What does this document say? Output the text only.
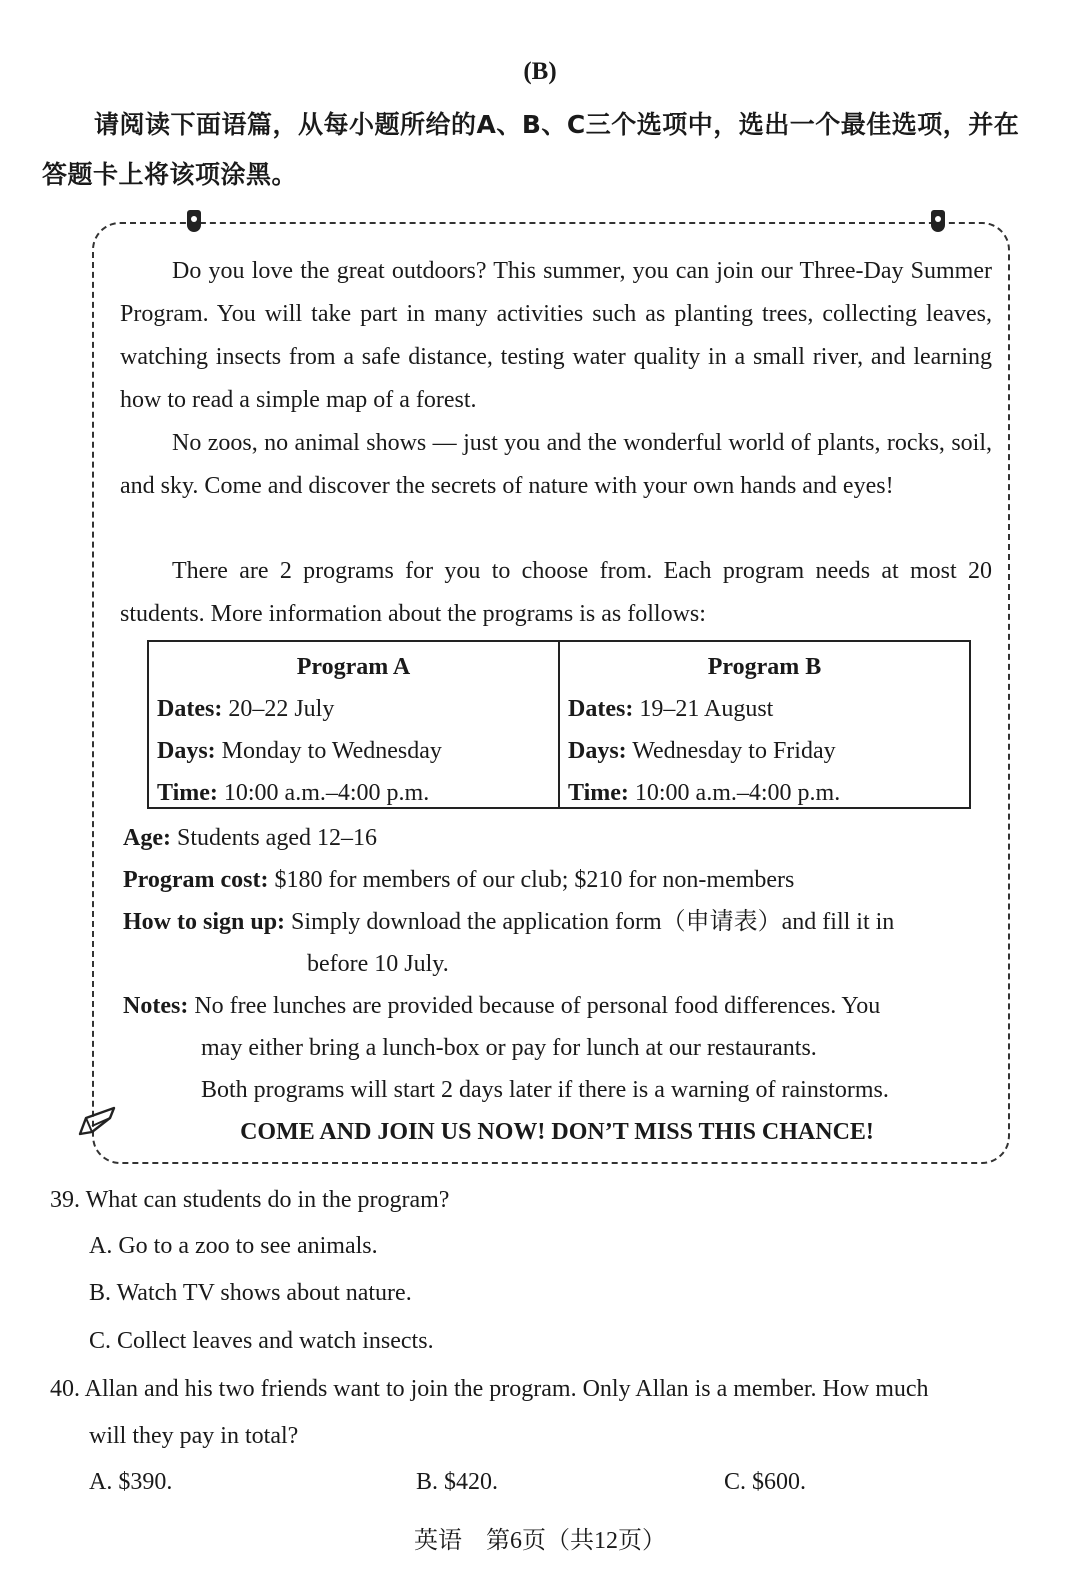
(B)
请阅读下面语篇，从每小题所给的A、B、C三个选项中，选出一个最佳选项，并在答题卡上将该项涂黑。
Do you love the great outdoors? This summer, you can join our Three-Day Summer Program. You will take part in many activities such as planting trees, collecting leaves, watching insects from a safe distance, testing water quality in a small river, and learning how to read a simple map of a forest.
No zoos, no animal shows — just you and the wonderful world of plants, rocks, soil, and sky. Come and discover the secrets of nature with your own hands and eyes!
There are 2 programs for you to choose from. Each program needs at most 20 students. More information about the programs is as follows:
Program A
Dates: 20–22 July
Days: Monday to Wednesday
Time: 10:00 a.m.–4:00 p.m.
Program B
Dates: 19–21 August
Days: Wednesday to Friday
Time: 10:00 a.m.–4:00 p.m.
Age: Students aged 12–16
Program cost: $180 for members of our club; $210 for non-members
How to sign up: Simply download the application form（申请表）and fill it in
before 10 July.
Notes: No free lunches are provided because of personal food differences. You
may either bring a lunch-box or pay for lunch at our restaurants.
Both programs will start 2 days later if there is a warning of rainstorms.
COME AND JOIN US NOW! DON’T MISS THIS CHANCE!
39. What can students do in the program?
A. Go to a zoo to see animals.
B. Watch TV shows about nature.
C. Collect leaves and watch insects.
40. Allan and his two friends want to join the program. Only Allan is a member. How much
will they pay in total?
A. $390.	B. $420.	C. $600.
英语　第6页（共12页）
